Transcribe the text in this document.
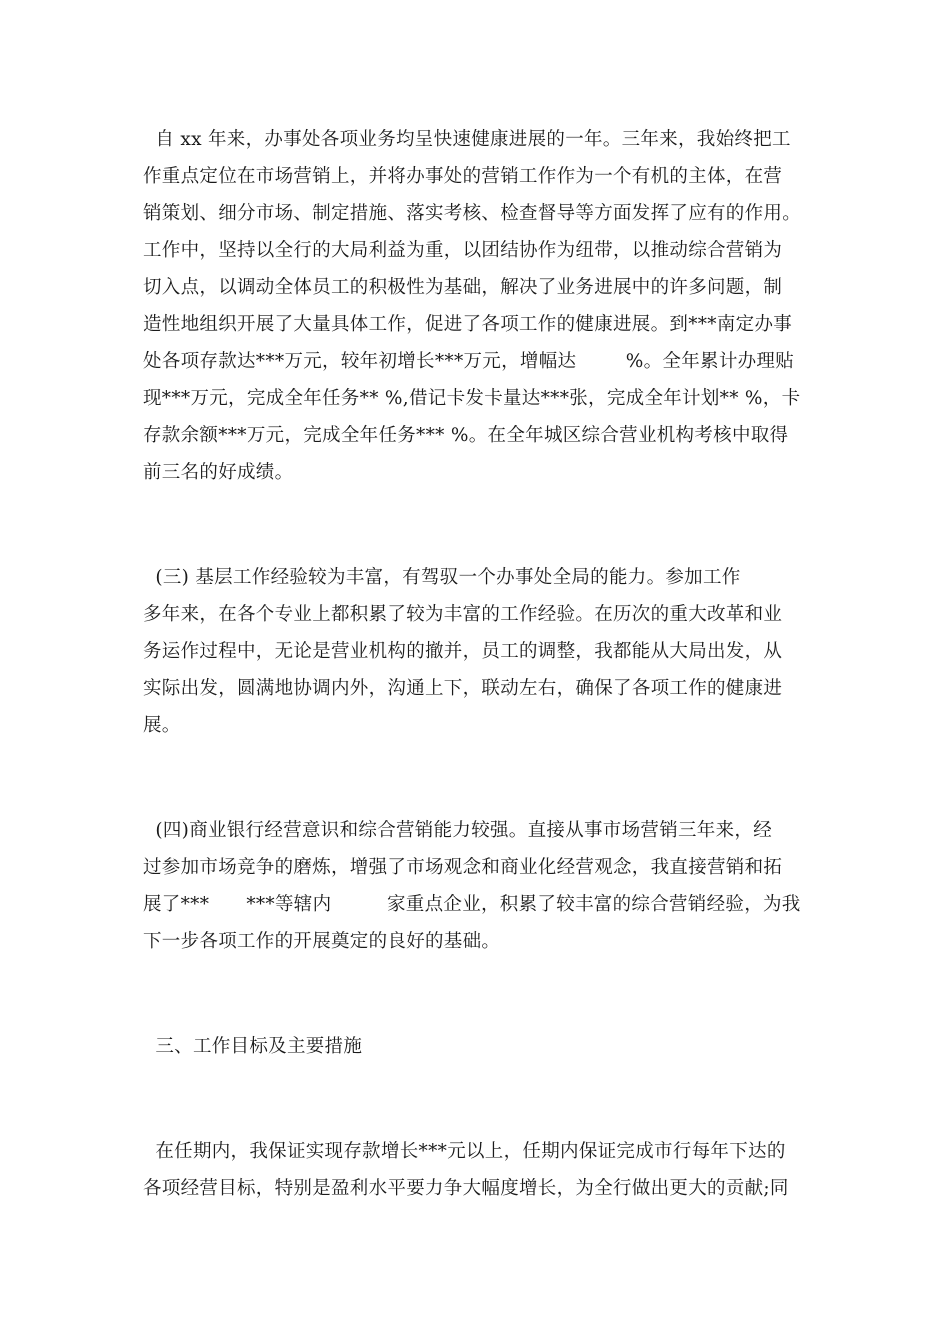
自 xx 年来，办事处各项业务均呈快速健康进展的一年。三年来，我始终把工
作重点定位在市场营销上，并将办事处的营销工作作为一个有机的主体，在营
销策划、细分市场、制定措施、落实考核、检查督导等方面发挥了应有的作用。
工作中，坚持以全行的大局利益为重，以团结协作为纽带，以推动综合营销为
切入点，以调动全体员工的积极性为基础，解决了业务进展中的许多问题，制
造性地组织开展了大量具体工作，促进了各项工作的健康进展。到***南定办事
处各项存款达***万元，较年初增长***万元，增幅达        %。全年累计办理贴
现***万元，完成全年任务** %,借记卡发卡量达***张，完成全年计划** %，卡
存款余额***万元，完成全年任务*** %。在全年城区综合营业机构考核中取得
前三名的好成绩。
(三) 基层工作经验较为丰富，有驾驭一个办事处全局的能力。参加工作
多年来，在各个专业上都积累了较为丰富的工作经验。在历次的重大改革和业
务运作过程中，无论是营业机构的撤并，员工的调整，我都能从大局出发，从
实际出发，圆满地协调内外，沟通上下，联动左右，确保了各项工作的健康进
展。
(四)商业银行经营意识和综合营销能力较强。直接从事市场营销三年来，经
过参加市场竞争的磨炼，增强了市场观念和商业化经营观念，我直接营销和拓
展了***      ***等辖内         家重点企业，积累了较丰富的综合营销经验，为我
下一步各项工作的开展奠定的良好的基础。
三、工作目标及主要措施
在任期内，我保证实现存款增长***元以上，任期内保证完成市行每年下达的
各项经营目标，特别是盈利水平要力争大幅度增长，为全行做出更大的贡献;同
